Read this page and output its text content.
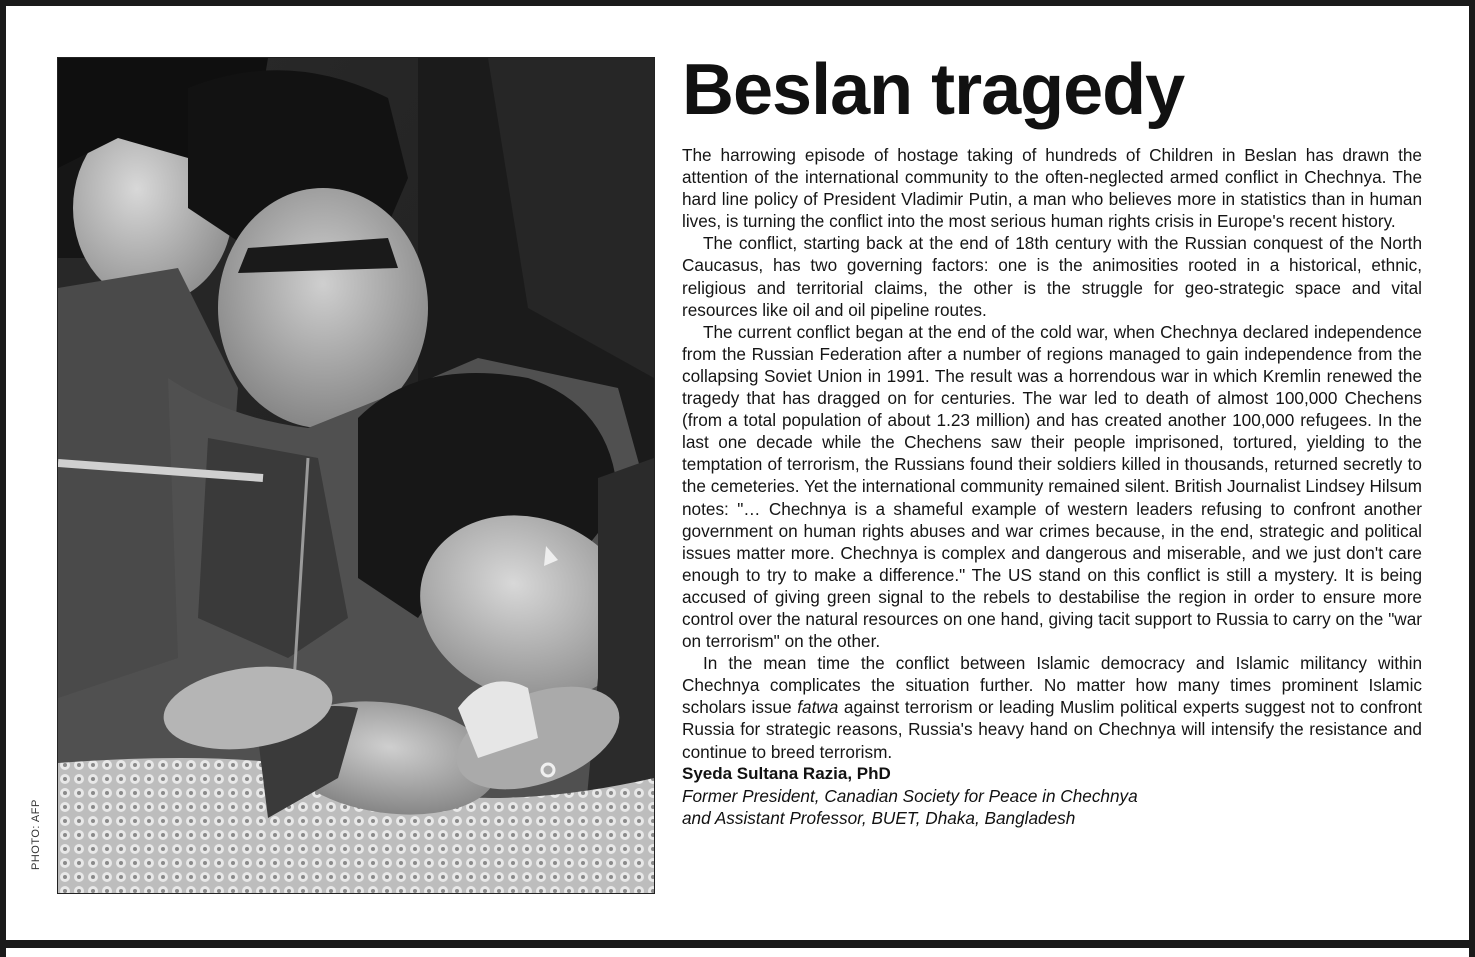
PHOTO: AFP
Beslan tragedy

The harrowing episode of hostage taking of hundreds of Children in Beslan has drawn the attention of the international community to the often-neglected armed conflict in Chechnya. The hard line policy of President Vladimir Putin, a man who believes more in statistics than in human lives, is turning the conflict into the most serious human rights crisis in Europe's recent history.

The conflict, starting back at the end of 18th century with the Russian conquest of the North Caucasus, has two governing factors: one is the animosities rooted in a historical, ethnic, religious and territorial claims, the other is the struggle for geo-strategic space and vital resources like oil and oil pipeline routes.

The current conflict began at the end of the cold war, when Chechnya declared independence from the Russian Federation after a number of regions managed to gain independence from the collapsing Soviet Union in 1991. The result was a horrendous war in which Kremlin renewed the tragedy that has dragged on for centuries. The war led to death of almost 100,000 Chechens (from a total population of about 1.23 million) and has created another 100,000 refugees. In the last one decade while the Chechens saw their people imprisoned, tortured, yielding to the temptation of terrorism, the Russians found their soldiers killed in thousands, returned secretly to the cemeteries. Yet the international community remained silent. British Journalist Lindsey Hilsum notes: "… Chechnya is a shameful example of western leaders refusing to confront another government on human rights abuses and war crimes because, in the end, strategic and political issues matter more. Chechnya is complex and dangerous and miserable, and we just don't care enough to try to make a difference." The US stand on this conflict is still a mystery. It is being accused of giving green signal to the rebels to destabilise the region in order to ensure more control over the natural resources on one hand, giving tacit support to Russia to carry on the "war on terrorism" on the other.

In the mean time the conflict between Islamic democracy and Islamic militancy within Chechnya complicates the situation further. No matter how many times prominent Islamic scholars issue fatwa against terrorism or leading Muslim political experts suggest not to confront Russia for strategic reasons, Russia's heavy hand on Chechnya will intensify the resistance and continue to breed terrorism.

Syeda Sultana Razia, PhD
Former President, Canadian Society for Peace in Chechnya
and Assistant Professor, BUET, Dhaka, Bangladesh
